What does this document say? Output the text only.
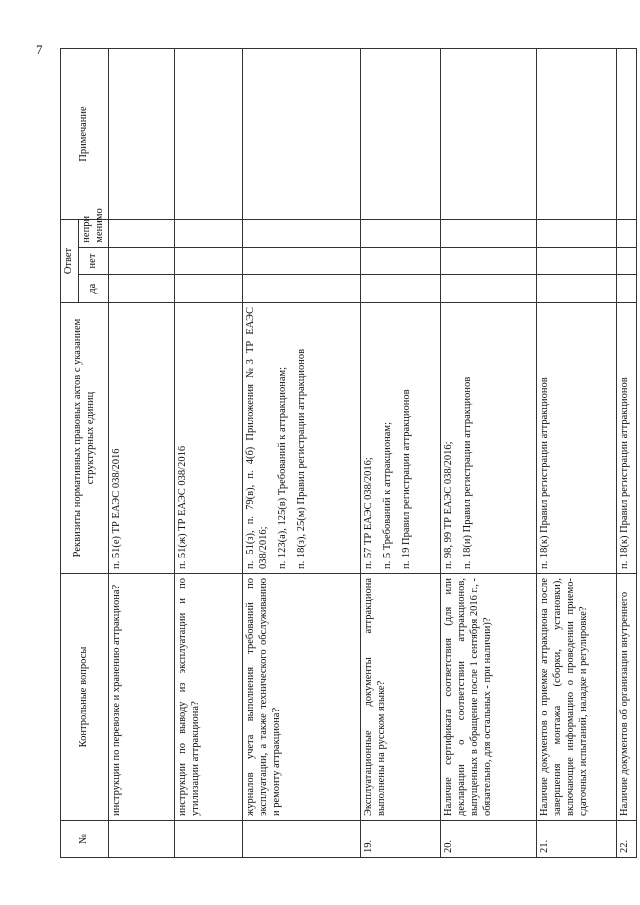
7
№	Контрольные вопросы	Реквизиты нормативных правовых актов с указанием структурных единиц	Ответ			Примечание
			да	нет	непри менимо	
	инструкции по перевозке и хранению аттракциона?	п. 51(е) ТР ЕАЭС 038/2016				

	инструкции по выводу из эксплуатации и по утилизации аттракциона?	п. 51(ж) ТР ЕАЭС 038/2016				

	журналов учета выполнения требований по эксплуатации, а также технического обслуживанию и ремонту аттракциона?	п. 51(з), п. 79(в), п. 4(б) Приложения №3 ТР ЕАЭС 038/2016; п. 123(а), 125(в) Требований к аттракционам; п. 18(з), 25(м) Правил регистрации аттракционов				

19.	Эксплуатационные документы аттракциона выполнены на русском языке?	п. 57 ТР ЕАЭС 038/2016; п. 5 Требований к аттракционам; п. 19 Правил регистрации аттракционов				

20.	Наличие сертификата соответствия (для или декларации о соответствии аттракционов, выпущенных в обращение после 1 сентября 2016 г., - обязательно, для остальных - при наличии)?	п. 98, 99 ТР ЕАЭС 038/2016; п. 18(и) Правил регистрации аттракционов				

21.	Наличие документов о приемке аттракциона после завершения монтажа (сборки, установки), включающие информацию о проведении приемо-сдаточных испытаний, наладке и регулировке?	п. 18(к) Правил регистрации аттракционов				

22.	Наличие документов об организации внутреннего	п. 18(к) Правил регистрации аттракционов				
